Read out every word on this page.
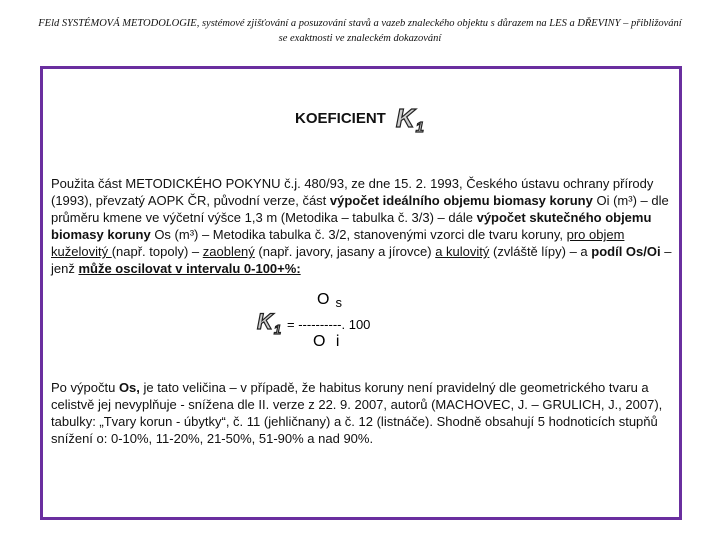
FEld SYSTÉMOVÁ METODOLOGIE, systémové zjišťování a posuzování stavů a vazeb znaleckého objektu s důrazem na LES a DŘEVINY – přibližování
se exaktnosti ve znaleckém dokazování
KOEFICIENT K1
Použita část METODICKÉHO POKYNU č.j. 480/93, ze dne 15. 2. 1993, Českého ústavu ochrany přírody (1993), převzatý AOPK ČR, původní verze, část výpočet ideálního objemu biomasy koruny Oi (m³) – dle průměru kmene ve výčetní výšce 1,3 m (Metodika – tabulka č. 3/3) – dále výpočet skutečného objemu biomasy koruny Os (m³) – Metodika tabulka č. 3/2, stanovenými vzorci dle tvaru koruny, pro objem kuželovitý (např. topoly) – zaoblený (např. javory, jasany a jírovce) a kulovitý (zvláště lípy) – a podíl Os/Oi – jenž může oscilovat v intervalu 0-100+%:
O s
$K_1$ = ----------. 100
O i
Po výpočtu Os, je tato veličina – v případě, že habitus koruny není pravidelný dle geometrického tvaru a celistvě jej nevyplňuje - snížena dle II. verze z 22. 9. 2007, autorů (MACHOVEC, J. – GRULICH, J., 2007), tabulky: „Tvary korun - úbytky“, č. 11 (jehličnany) a č. 12 (listnáče). Shodně obsahují 5 hodnoticích stupňů snížení o: 0-10%, 11-20%, 21-50%, 51-90% a nad 90%.
